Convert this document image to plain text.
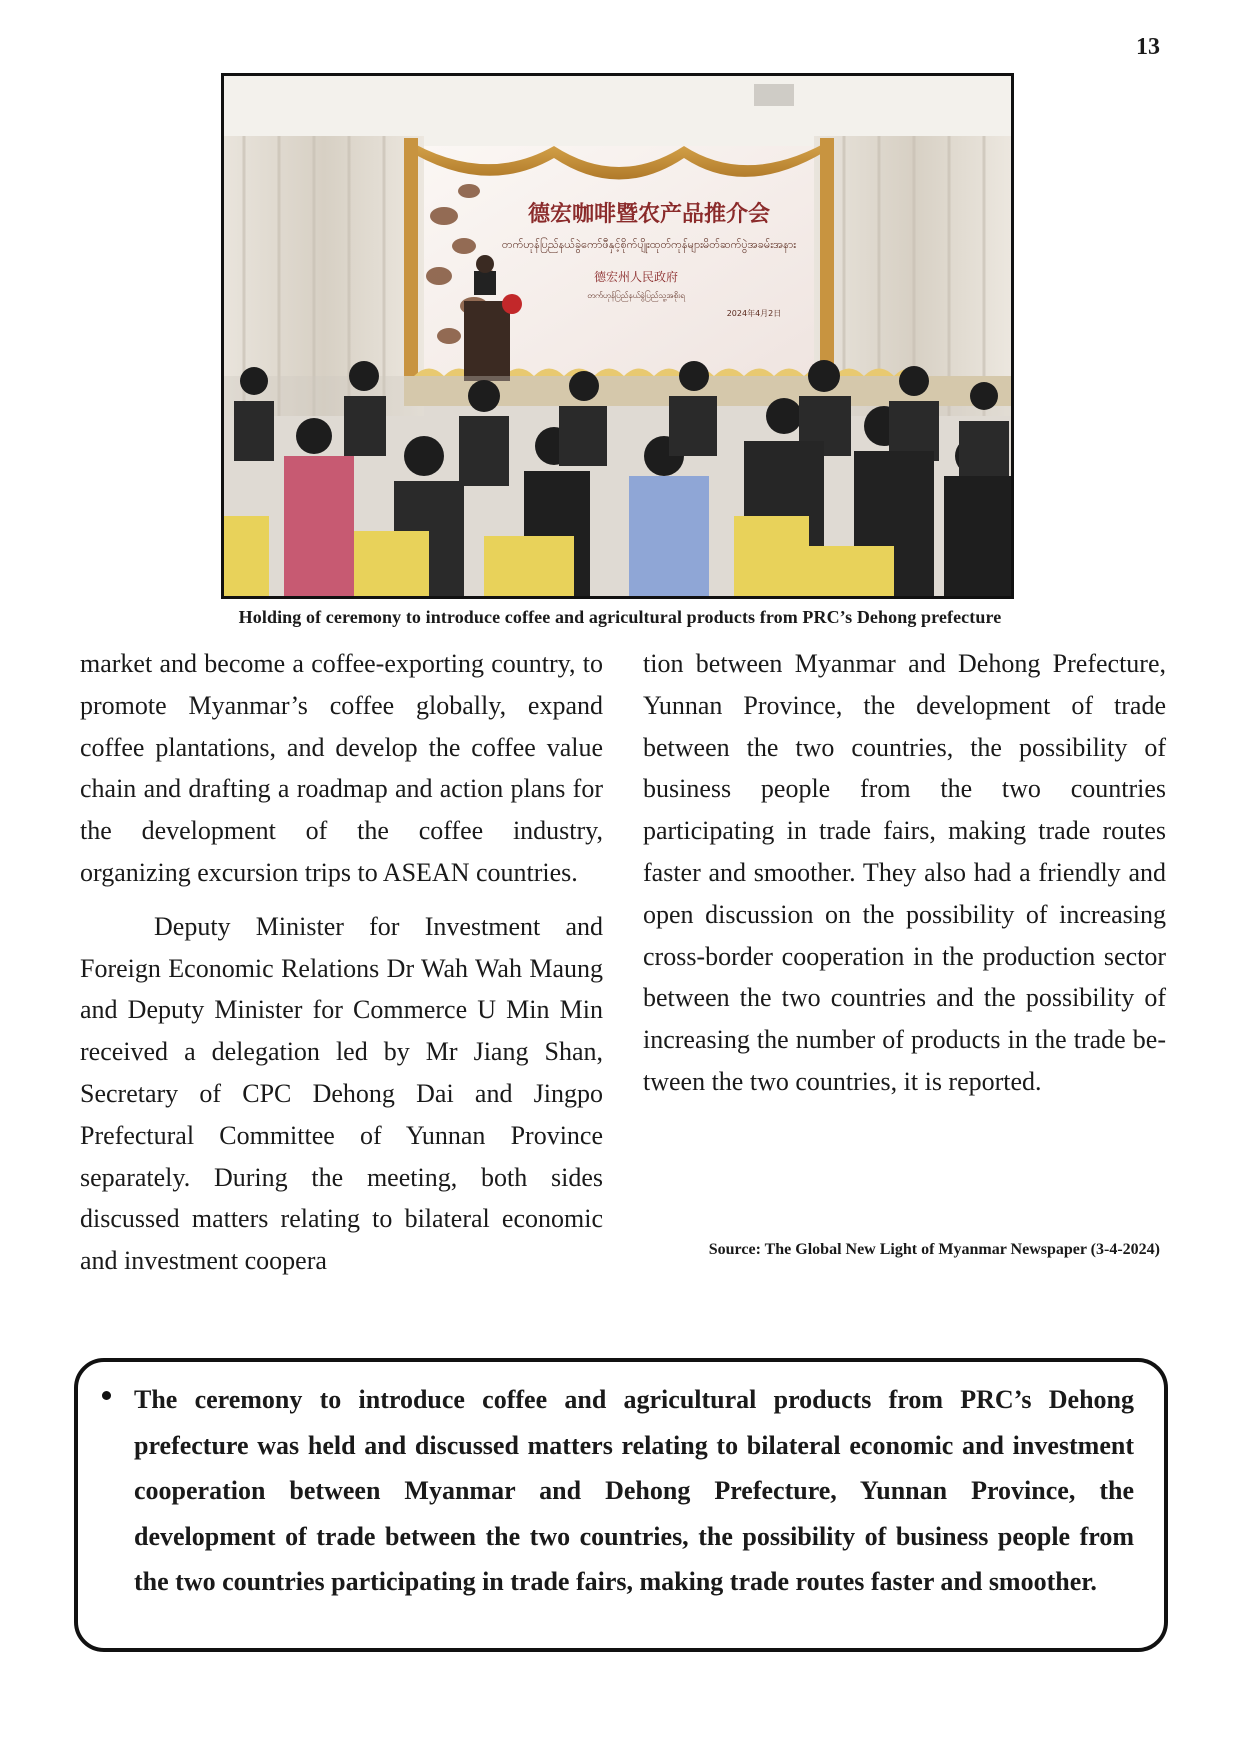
13
德宏咖啡暨农产品推介会
တက်ဟုန်ပြည်နယ်ခွဲကော်ဖီနှင့်စိုက်ပျိုးထုတ်ကုန်များမိတ်ဆက်ပွဲအခမ်းအနား
德宏州人民政府
တက်ဟုန်ပြည်နယ်ခွဲပြည်သူ့အစိုးရ
2024年4月2日
Holding of ceremony to introduce coffee and agricultural products from PRC’s Dehong prefecture

market and become a coffee-exporting country, to promote Myanmar’s coffee globally, expand coffee plantations, and develop the coffee value chain and drafting a roadmap and action plans for the development of the coffee industry, organizing excursion trips to ASEAN countries.

Deputy Minister for Investment and Foreign Economic Relations Dr Wah Wah Maung and Deputy Minister for Commerce U Min Min received a delegation led by Mr Jiang Shan, Secretary of CPC Dehong Dai and Jingpo Prefectural Committee of Yunnan Province separately. During the meeting, both sides discussed matters relating to bilateral economic and investment coopera

tion between Myanmar and Dehong Prefecture, Yunnan Province, the development of trade between the two countries, the possibility of business people from the two countries participating in trade fairs, making trade routes faster and smoother. They also had a friendly and open discussion on the possibility of increasing cross-border cooperation in the production sector between the two countries and the possibility of increasing the number of products in the trade between the two countries, it is reported.

Source: The Global New Light of Myanmar Newspaper (3-4-2024)
The ceremony to introduce coffee and agricultural products from PRC’s Dehong prefecture was held and discussed matters relating to bilateral economic and investment cooperation between Myanmar and Dehong Prefecture, Yunnan Province, the development of trade between the two countries, the possibility of business people from the two countries participating in trade fairs, making trade routes faster and smoother.
